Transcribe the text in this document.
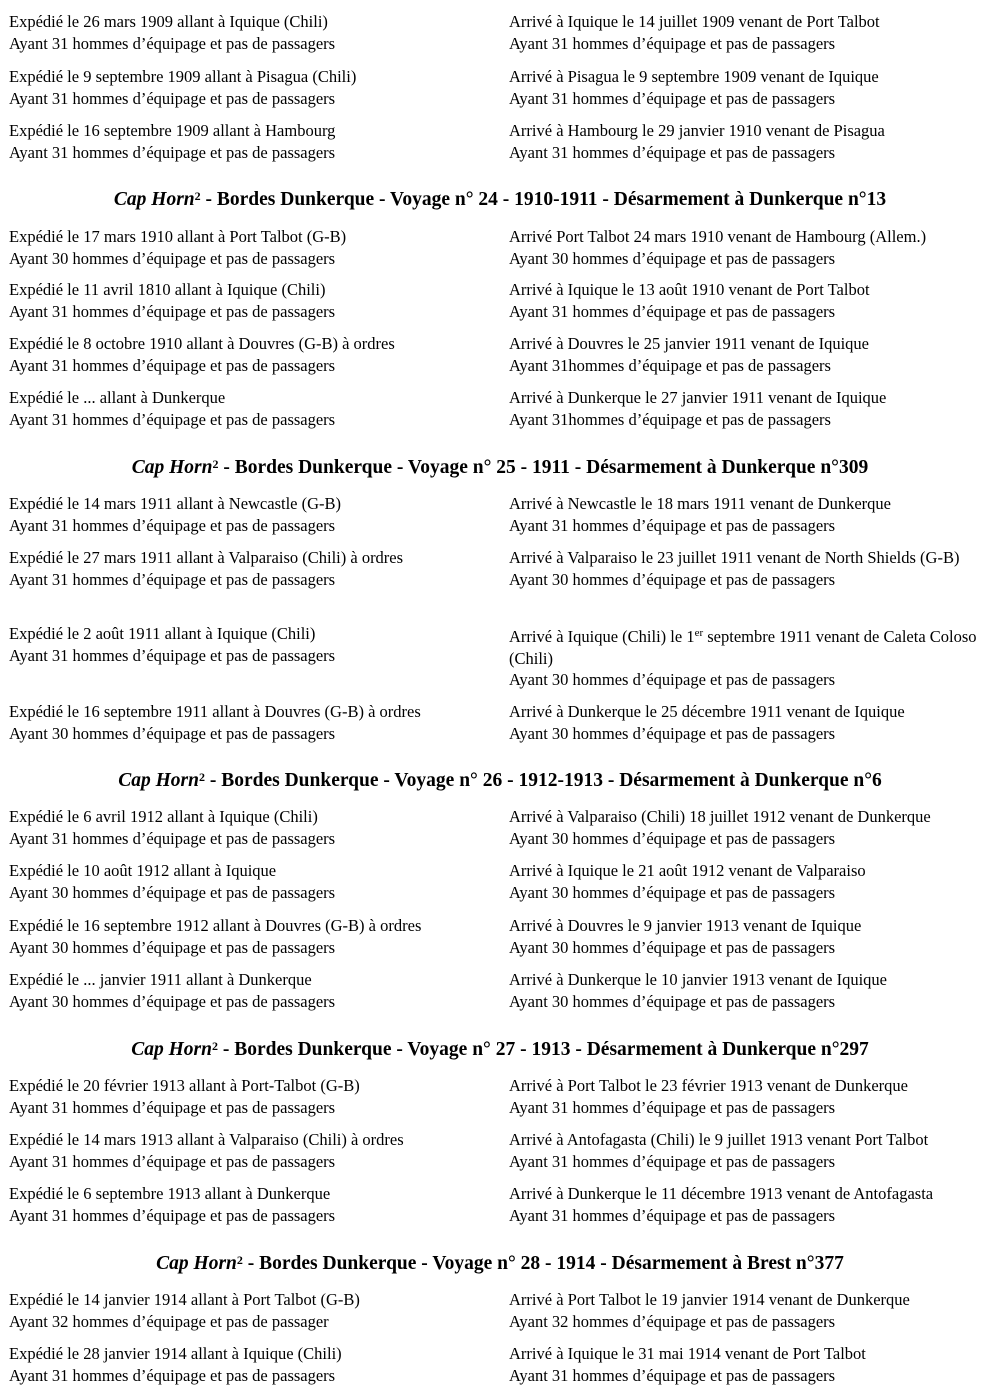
Expédié le 26 mars 1909 allant à Iquique (Chili)
Ayant 31 hommes d’équipage et pas de passagers
Arrivé à Iquique le 14 juillet 1909 venant de Port Talbot
Ayant 31 hommes d’équipage et pas de passagers
Expédié le 9 septembre 1909 allant à Pisagua (Chili)
Ayant 31 hommes d’équipage et pas de passagers
Arrivé à Pisagua le 9 septembre 1909 venant de Iquique
Ayant 31 hommes d’équipage et pas de passagers
Expédié le 16 septembre 1909 allant à Hambourg
Ayant 31 hommes d’équipage et pas de passagers
Arrivé à Hambourg le 29 janvier 1910 venant de Pisagua
Ayant 31 hommes d’équipage et pas de passagers
Cap Horn$^2$ - Bordes Dunkerque - Voyage n° 24 - 1910-1911 - Désarmement à Dunkerque n°13
Expédié le 17 mars 1910 allant à Port Talbot (G-B)
Ayant 30 hommes d’équipage et pas de passagers
Arrivé Port Talbot 24 mars 1910 venant de Hambourg (Allem.)
Ayant 30 hommes d’équipage et pas de passagers
Expédié le 11 avril 1810 allant à Iquique (Chili)
Ayant 31 hommes d’équipage et pas de passagers
Arrivé à Iquique le 13 août 1910 venant de Port Talbot
Ayant 31 hommes d’équipage et pas de passagers
Expédié le 8 octobre 1910 allant à Douvres (G-B) à ordres
Ayant 31 hommes d’équipage et pas de passagers
Arrivé à Douvres le 25 janvier 1911 venant de Iquique
Ayant 31hommes d’équipage et pas de passagers
Expédié le ... allant à Dunkerque
Ayant 31 hommes d’équipage et pas de passagers
Arrivé à Dunkerque le 27 janvier 1911 venant de Iquique
Ayant 31hommes d’équipage et pas de passagers
Cap Horn$^2$ - Bordes Dunkerque - Voyage n° 25 - 1911 - Désarmement à Dunkerque n°309
Expédié le 14 mars 1911 allant à Newcastle (G-B)
Ayant 31 hommes d’équipage et pas de passagers
Arrivé à Newcastle le 18 mars 1911 venant de Dunkerque
Ayant 31 hommes d’équipage et pas de passagers
Expédié le 27 mars 1911 allant à Valparaiso (Chili) à ordres
Ayant 31 hommes d’équipage et pas de passagers
Arrivé à Valparaiso le 23 juillet 1911 venant de North Shields (G-B)
Ayant 30 hommes d’équipage et pas de passagers
Expédié le 2 août 1911 allant à Iquique (Chili)
Ayant 31 hommes d’équipage et pas de passagers
Arrivé à Iquique (Chili) le 1er septembre 1911 venant de Caleta Coloso (Chili)
Ayant 30 hommes d’équipage et pas de passagers
Expédié le 16 septembre 1911 allant à Douvres (G-B) à ordres
Ayant 30 hommes d’équipage et pas de passagers
Arrivé à Dunkerque le 25 décembre 1911 venant de Iquique
Ayant 30 hommes d’équipage et pas de passagers
Cap Horn$^2$ - Bordes Dunkerque - Voyage n° 26 - 1912-1913 - Désarmement à Dunkerque n°6
Expédié le 6 avril 1912 allant à Iquique (Chili)
Ayant 31 hommes d’équipage et pas de passagers
Arrivé à Valparaiso (Chili) 18 juillet 1912 venant de Dunkerque
Ayant 30 hommes d’équipage et pas de passagers
Expédié le 10 août 1912 allant à Iquique
Ayant 30 hommes d’équipage et pas de passagers
Arrivé à Iquique le 21 août 1912 venant de Valparaiso
Ayant 30 hommes d’équipage et pas de passagers
Expédié le 16 septembre 1912 allant à Douvres (G-B) à ordres
Ayant 30 hommes d’équipage et pas de passagers
Arrivé à Douvres le 9 janvier 1913 venant de Iquique
Ayant 30 hommes d’équipage et pas de passagers
Expédié le ... janvier 1911 allant à Dunkerque
Ayant 30 hommes d’équipage et pas de passagers
Arrivé à Dunkerque le 10 janvier 1913 venant de Iquique
Ayant 30 hommes d’équipage et pas de passagers
Cap Horn$^2$ - Bordes Dunkerque - Voyage n° 27 - 1913 - Désarmement à Dunkerque n°297
Expédié le 20 février 1913 allant à Port-Talbot (G-B)
Ayant 31 hommes d’équipage et pas de passagers
Arrivé à Port Talbot le 23 février 1913 venant de Dunkerque
Ayant 31 hommes d’équipage et pas de passagers
Expédié le 14 mars 1913 allant à Valparaiso (Chili) à ordres
Ayant 31 hommes d’équipage et pas de passagers
Arrivé à Antofagasta (Chili) le 9 juillet 1913 venant Port Talbot
Ayant 31 hommes d’équipage et pas de passagers
Expédié le 6 septembre 1913 allant à Dunkerque
Ayant 31 hommes d’équipage et pas de passagers
Arrivé à Dunkerque le 11 décembre 1913 venant de Antofagasta
Ayant 31 hommes d’équipage et pas de passagers
Cap Horn$^2$ - Bordes Dunkerque - Voyage n° 28 - 1914 - Désarmement à Brest n°377
Expédié le 14 janvier 1914 allant à Port Talbot (G-B)
Ayant 32 hommes d’équipage et pas de passager
Arrivé à Port Talbot le 19 janvier 1914 venant de Dunkerque
Ayant 32 hommes d’équipage et pas de passagers
Expédié le 28 janvier 1914 allant à Iquique (Chili)
Ayant 31 hommes d’équipage et pas de passagers
Arrivé à Iquique le 31 mai 1914 venant de Port Talbot
Ayant 31 hommes d’équipage et pas de passagers
